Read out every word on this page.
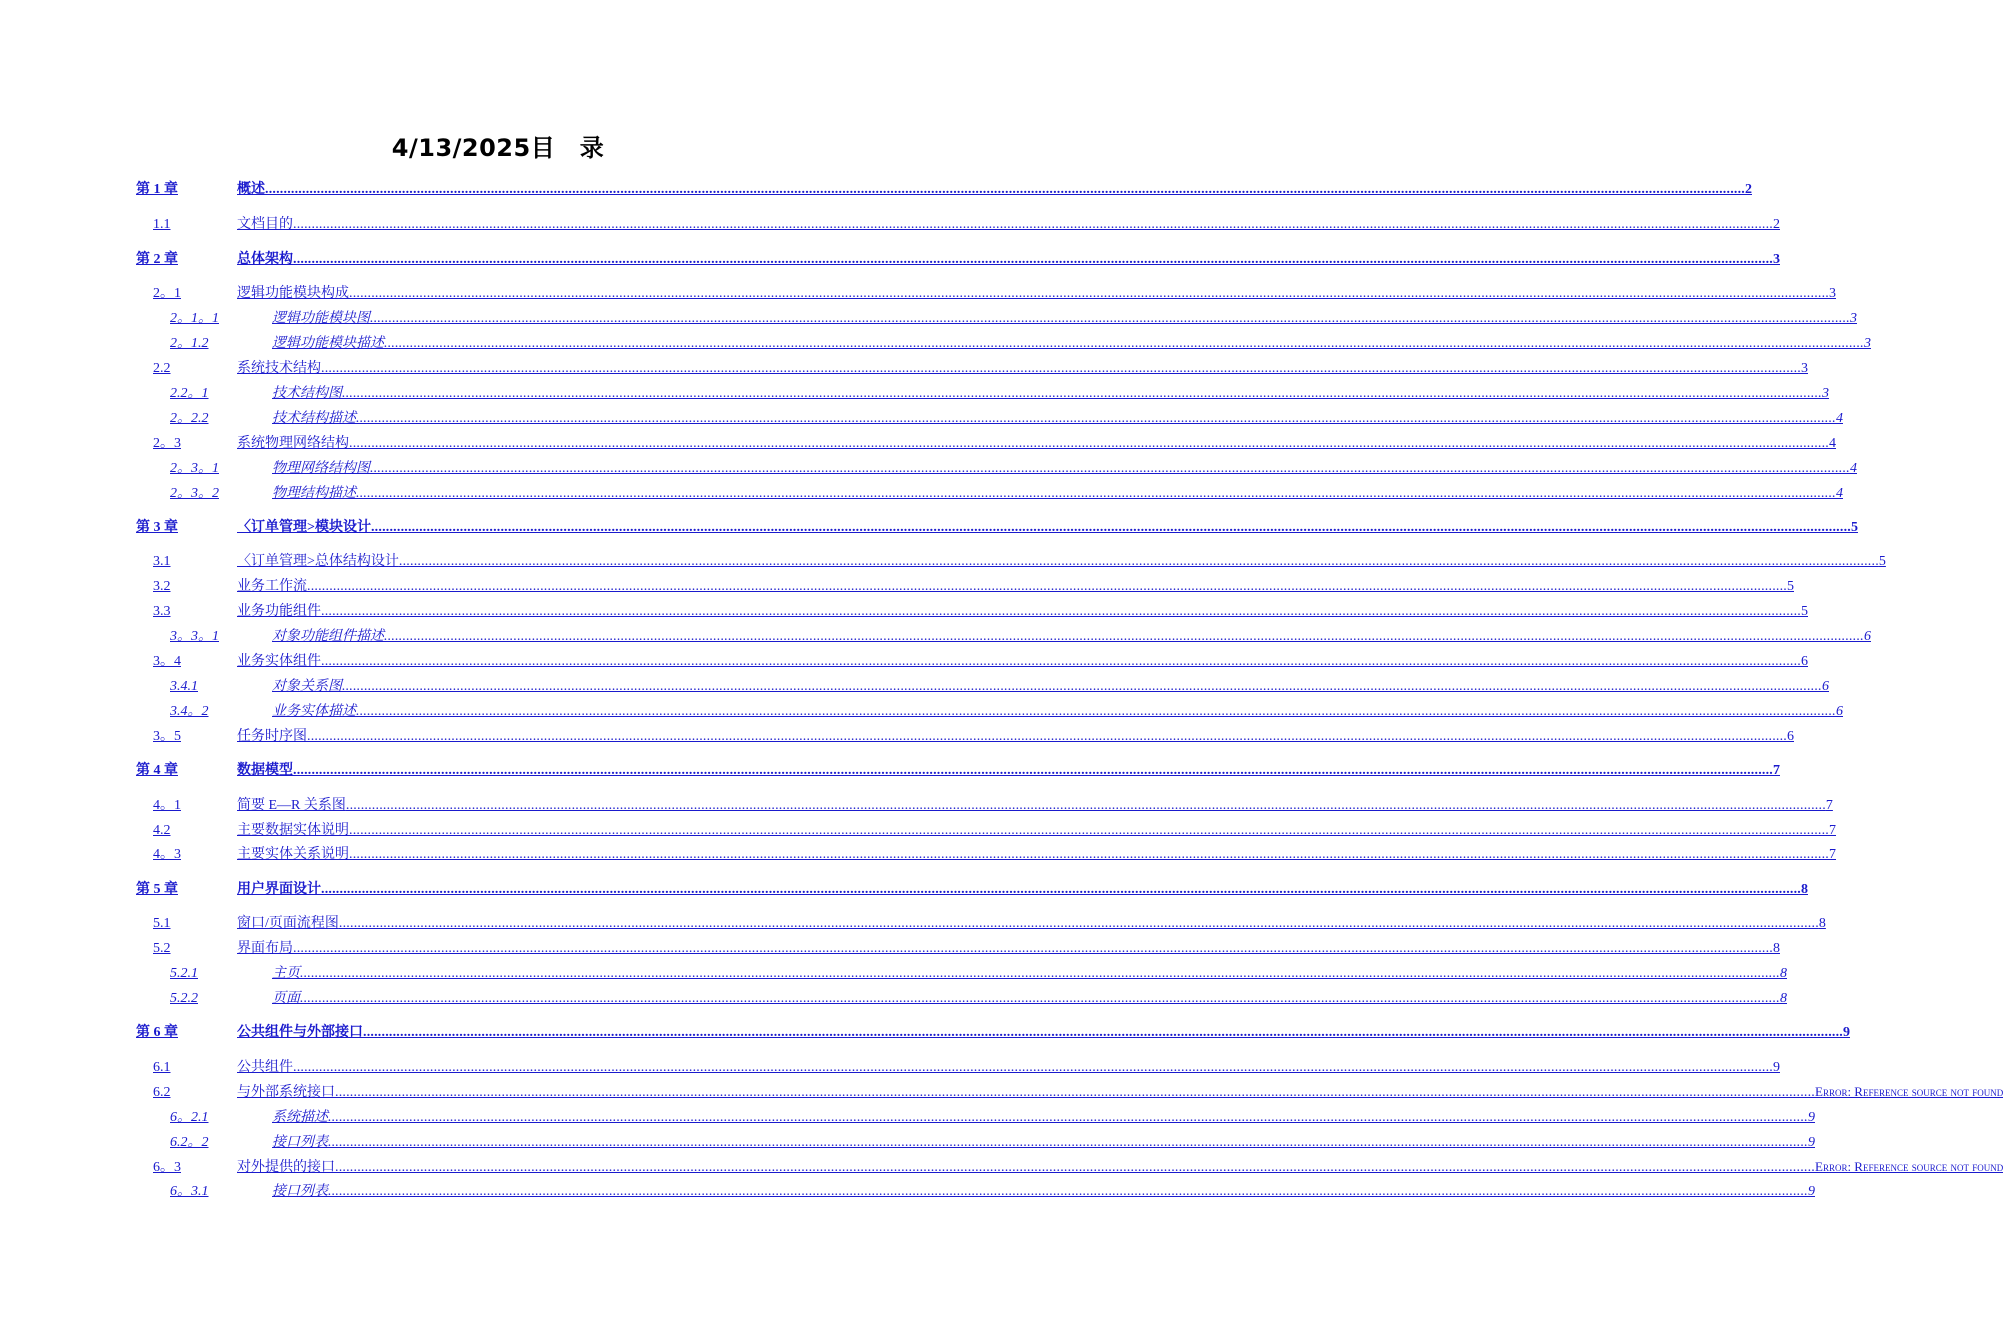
4/13/2025目　录
第 1 章	概述 ................................................................................................................................................................................................................................................................................................................................................................................................................ 2
1.1	文档目的 ................................................................................................................................................................................................................................................................................................................................................................................................................ 2
第 2 章	总体架构 ................................................................................................................................................................................................................................................................................................................................................................................................................ 3
2。1	逻辑功能模块构成 ................................................................................................................................................................................................................................................................................................................................................................................................................ 3
2。1。1	逻辑功能模块图 ................................................................................................................................................................................................................................................................................................................................................................................................................ 3
2。1.2	逻辑功能模块描述 ................................................................................................................................................................................................................................................................................................................................................................................................................ 3
2.2	系统技术结构 ................................................................................................................................................................................................................................................................................................................................................................................................................ 3
2.2。1	技术结构图 ................................................................................................................................................................................................................................................................................................................................................................................................................ 3
2。2.2	技术结构描述 ................................................................................................................................................................................................................................................................................................................................................................................................................ 4
2。3	系统物理网络结构 ................................................................................................................................................................................................................................................................................................................................................................................................................ 4
2。3。1	物理网络结构图 ................................................................................................................................................................................................................................................................................................................................................................................................................ 4
2。3。2	物理结构描述 ................................................................................................................................................................................................................................................................................................................................................................................................................ 4
第 3 章	〈订单管理>模块设计 ................................................................................................................................................................................................................................................................................................................................................................................................................ 5
3.1	〈订单管理>总体结构设计 ................................................................................................................................................................................................................................................................................................................................................................................................................ 5
3.2	业务工作流 ................................................................................................................................................................................................................................................................................................................................................................................................................ 5
3.3	业务功能组件 ................................................................................................................................................................................................................................................................................................................................................................................................................ 5
3。3。1	对象功能组件描述 ................................................................................................................................................................................................................................................................................................................................................................................................................ 6
3。4	业务实体组件 ................................................................................................................................................................................................................................................................................................................................................................................................................ 6
3.4.1	对象关系图 ................................................................................................................................................................................................................................................................................................................................................................................................................ 6
3.4。2	业务实体描述 ................................................................................................................................................................................................................................................................................................................................................................................................................ 6
3。5	任务时序图 ................................................................................................................................................................................................................................................................................................................................................................................................................ 6
第 4 章	数据模型 ................................................................................................................................................................................................................................................................................................................................................................................................................ 7
4。1	简要 E—R 关系图 ................................................................................................................................................................................................................................................................................................................................................................................................................ 7
4.2	主要数据实体说明 ................................................................................................................................................................................................................................................................................................................................................................................................................ 7
4。3	主要实体关系说明 ................................................................................................................................................................................................................................................................................................................................................................................................................ 7
第 5 章	用户界面设计 ................................................................................................................................................................................................................................................................................................................................................................................................................ 8
5.1	窗口/页面流程图 ................................................................................................................................................................................................................................................................................................................................................................................................................ 8
5.2	界面布局 ................................................................................................................................................................................................................................................................................................................................................................................................................ 8
5.2.1	主页 ................................................................................................................................................................................................................................................................................................................................................................................................................ 8
5.2.2	页面 ................................................................................................................................................................................................................................................................................................................................................................................................................ 8
第 6 章	公共组件与外部接口 ................................................................................................................................................................................................................................................................................................................................................................................................................ 9
6.1	公共组件 ................................................................................................................................................................................................................................................................................................................................................................................................................ 9
6.2	与外部系统接口 ................................................................................................................................................................................................................................................................................................................................................................................................................ Error: Reference source not found
6。2.1	系统描述 ................................................................................................................................................................................................................................................................................................................................................................................................................ 9
6.2。2	接口列表 ................................................................................................................................................................................................................................................................................................................................................................................................................ 9
6。3	对外提供的接口 ................................................................................................................................................................................................................................................................................................................................................................................................................ Error: Reference source not found
6。3.1	接口列表 ................................................................................................................................................................................................................................................................................................................................................................................................................ 9
